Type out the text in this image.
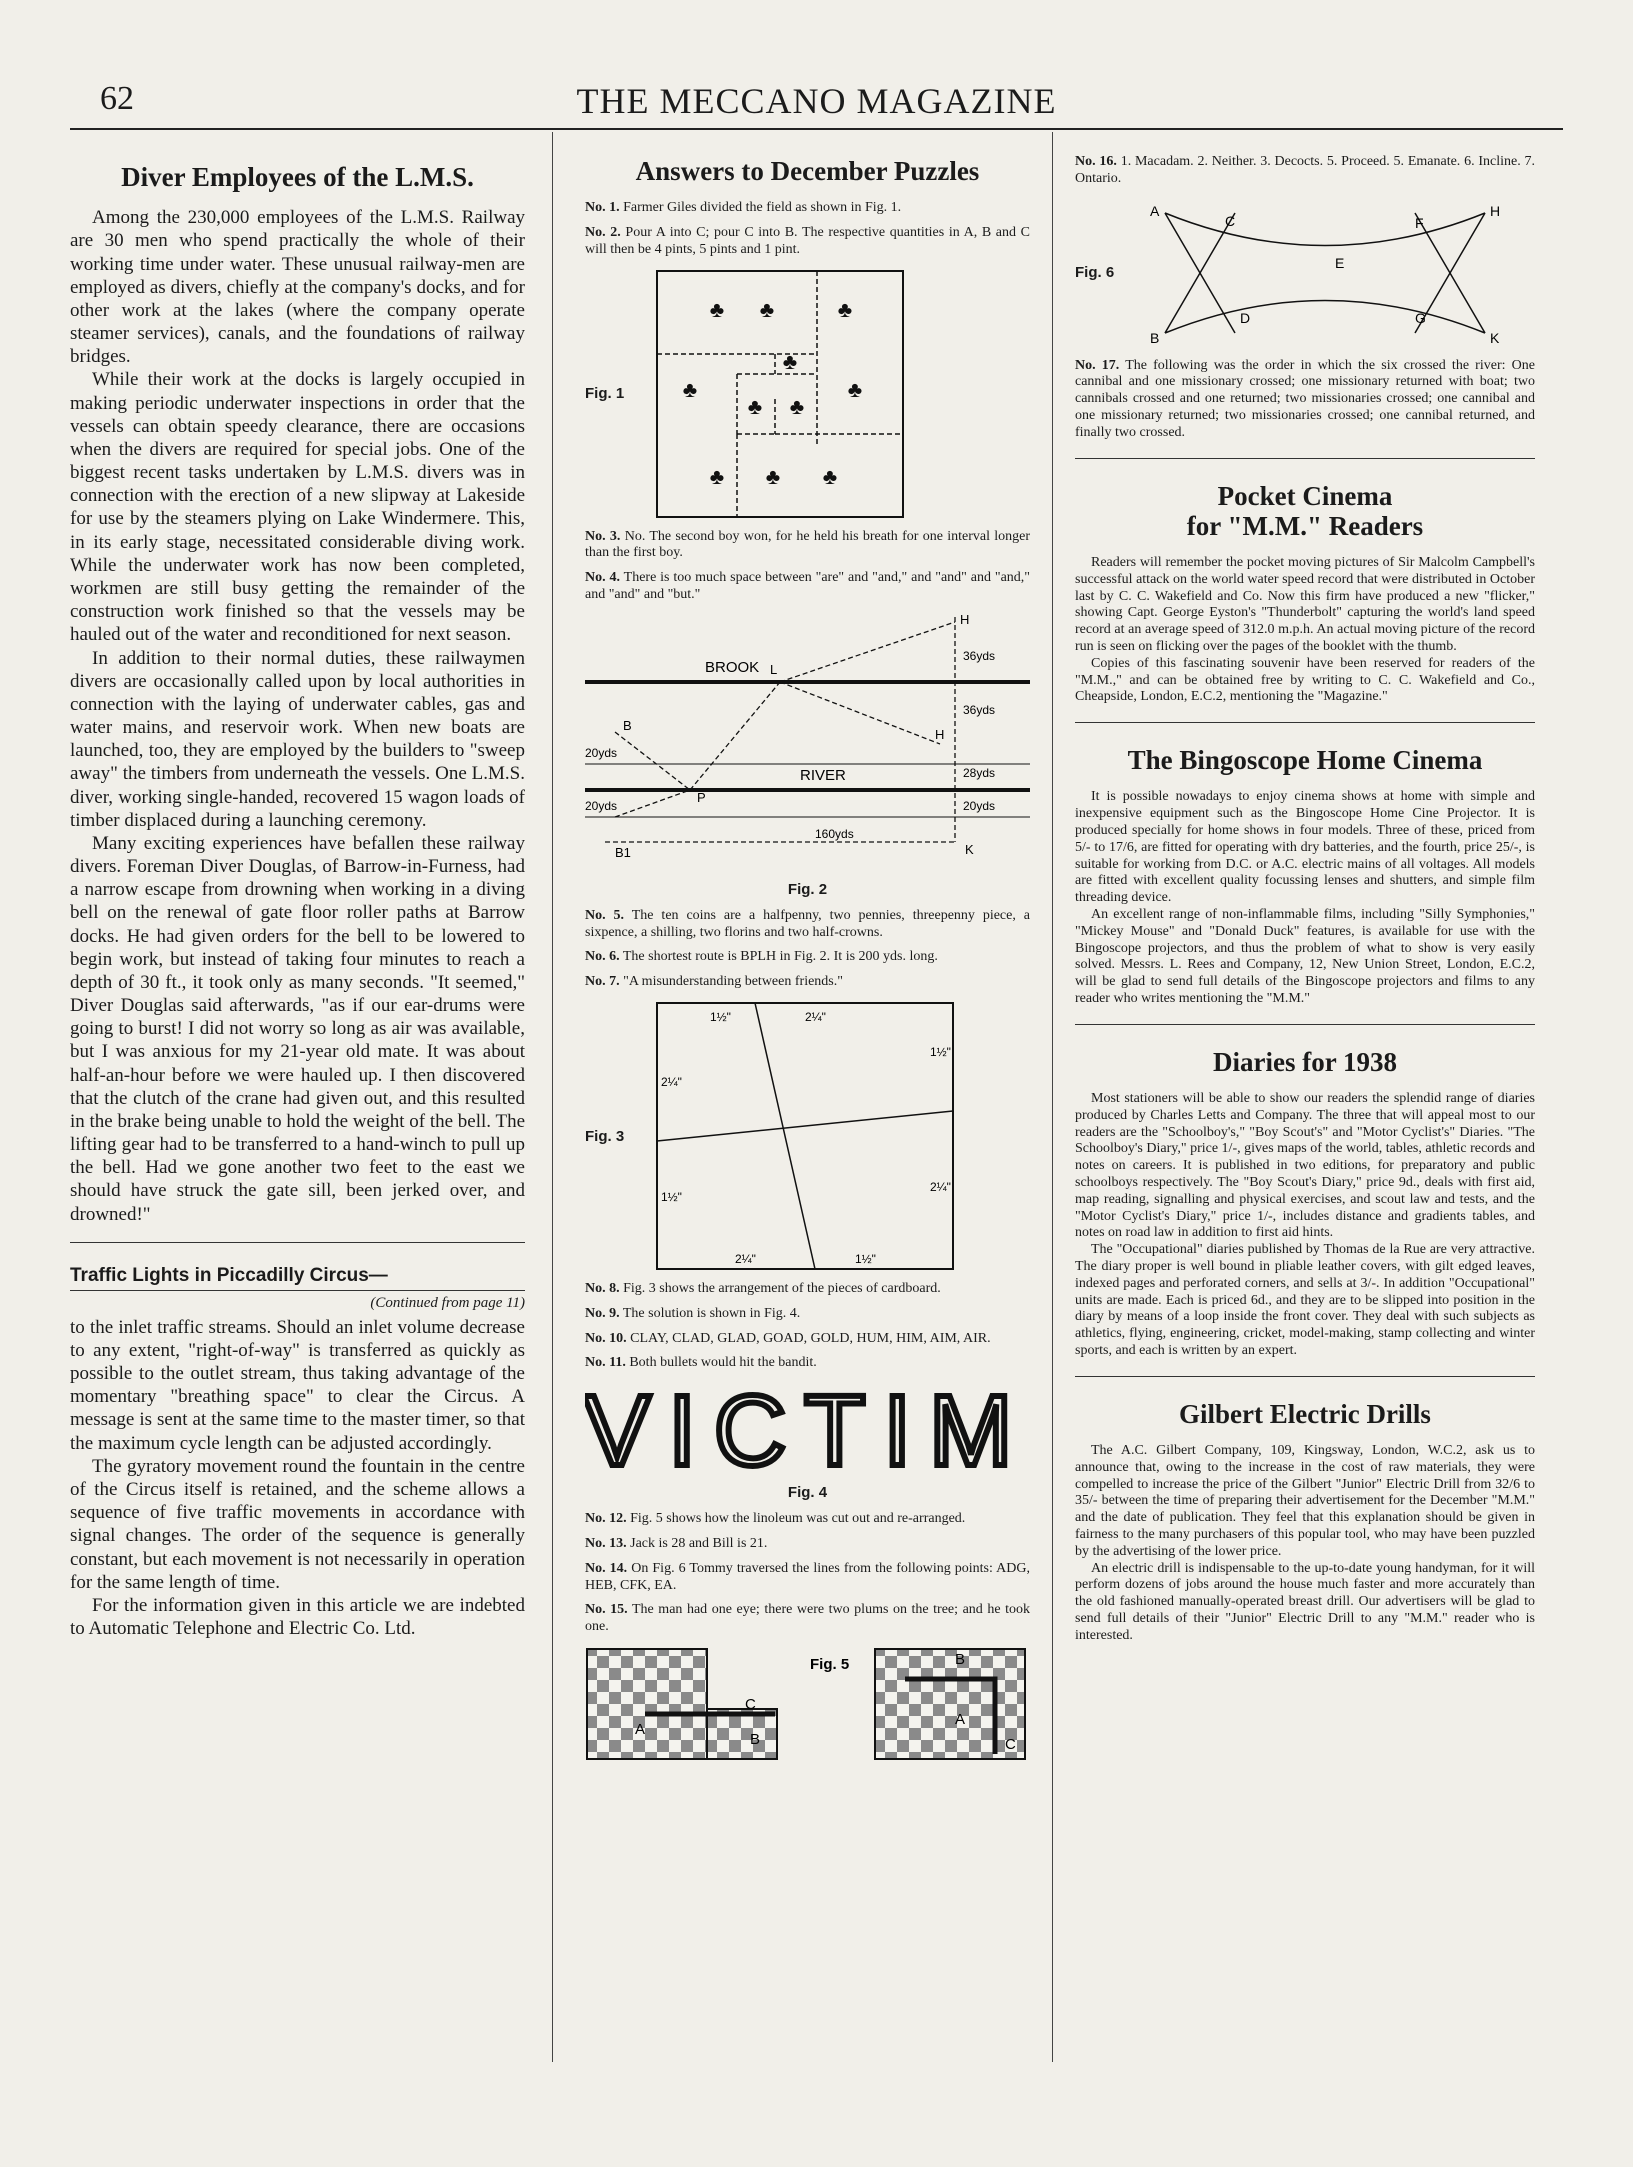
62	THE MECCANO MAGAZINE
Diver Employees of the L.M.S.

Among the 230,000 employees of the L.M.S. Railway are 30 men who spend practically the whole of their working time under water. These unusual railway-men are employed as divers, chiefly at the company's docks, and for other work at the lakes (where the company operate steamer services), canals, and the foundations of railway bridges.

While their work at the docks is largely occupied in making periodic underwater inspections in order that the vessels can obtain speedy clearance, there are occasions when the divers are required for special jobs. One of the biggest recent tasks undertaken by L.M.S. divers was in connection with the erection of a new slipway at Lakeside for use by the steamers plying on Lake Windermere. This, in its early stage, necessitated considerable diving work. While the underwater work has now been completed, workmen are still busy getting the remainder of the construction work finished so that the vessels may be hauled out of the water and reconditioned for next season.

In addition to their normal duties, these railwaymen divers are occasionally called upon by local authorities in connection with the laying of underwater cables, gas and water mains, and reservoir work. When new boats are launched, too, they are employed by the builders to "sweep away" the timbers from underneath the vessels. One L.M.S. diver, working single-handed, recovered 15 wagon loads of timber displaced during a launching ceremony.

Many exciting experiences have befallen these railway divers. Foreman Diver Douglas, of Barrow-in-Furness, had a narrow escape from drowning when working in a diving bell on the renewal of gate floor roller paths at Barrow docks. He had given orders for the bell to be lowered to begin work, but instead of taking four minutes to reach a depth of 30 ft., it took only as many seconds. "It seemed," Diver Douglas said afterwards, "as if our ear-drums were going to burst! I did not worry so long as air was available, but I was anxious for my 21-year old mate. It was about half-an-hour before we were hauled up. I then discovered that the clutch of the crane had given out, and this resulted in the brake being unable to hold the weight of the bell. The lifting gear had to be transferred to a hand-winch to pull up the bell. Had we gone another two feet to the east we should have struck the gate sill, been jerked over, and drowned!"

Traffic Lights in Piccadilly Circus—
(Continued from page 11)

to the inlet traffic streams. Should an inlet volume decrease to any extent, "right-of-way" is transferred as quickly as possible to the outlet stream, thus taking advantage of the momentary "breathing space" to clear the Circus. A message is sent at the same time to the master timer, so that the maximum cycle length can be adjusted accordingly.

The gyratory movement round the fountain in the centre of the Circus itself is retained, and the scheme allows a sequence of five traffic movements in accordance with signal changes. The order of the sequence is generally constant, but each movement is not necessarily in operation for the same length of time.

For the information given in this article we are indebted to Automatic Telephone and Electric Co. Ltd.

Answers to December Puzzles

No. 1. Farmer Giles divided the field as shown in Fig. 1.

No. 2. Pour A into C; pour C into B. The respective quantities in A, B and C will then be 4 pints, 5 pints and 1 pint.

Fig. 1
♣ ♣	♣
♣
♣
♣ ♣
♣
♣ ♣ ♣

No. 3. No. The second boy won, for he held his breath for one interval longer than the first boy.

No. 4. There is too much space between "are" and "and," and "and" and "and," and "and" and "but."

BROOK
RIVER
H
L
H
B
P
B1	K
36yds
36yds
28yds
20yds
20yds	20yds
160yds
Fig. 2

No. 5. The ten coins are a halfpenny, two pennies, threepenny piece, a sixpence, a shilling, two florins and two half-crowns.

No. 6. The shortest route is BPLH in Fig. 2. It is 200 yds. long.

No. 7. "A misunderstanding between friends."

Fig. 3
1½"	2¼"
1½"
2¼"
2¼"
1½"
2¼"	1½"

No. 8. Fig. 3 shows the arrangement of the pieces of cardboard.

No. 9. The solution is shown in Fig. 4.

No. 10. CLAY, CLAD, GLAD, GOAD, GOLD, HUM, HIM, AIM, AIR.

No. 11. Both bullets would hit the bandit.

VICTIM
Fig. 4

No. 12. Fig. 5 shows how the linoleum was cut out and re-arranged.

No. 13. Jack is 28 and Bill is 21.

No. 14. On Fig. 6 Tommy traversed the lines from the following points: ADG, HEB, CFK, EA.

No. 15. The man had one eye; there were two plums on the tree; and he took one.

A
C
B
B
A
C
Fig. 5

No. 16. 1. Macadam. 2. Neither. 3. Decocts. 5. Proceed. 5. Emanate. 6. Incline. 7. Ontario.

Fig. 6
A
C	F
H
E
B
D	G
K

No. 17. The following was the order in which the six crossed the river: One cannibal and one missionary crossed; one missionary returned with boat; two cannibals crossed and one returned; two missionaries crossed; one cannibal and one missionary returned; two missionaries crossed; one cannibal returned, and finally two crossed.

Pocket Cinema
for "M.M." Readers

Readers will remember the pocket moving pictures of Sir Malcolm Campbell's successful attack on the world water speed record that were distributed in October last by C. C. Wakefield and Co. Now this firm have produced a new "flicker," showing Capt. George Eyston's "Thunderbolt" capturing the world's land speed record at an average speed of 312.0 m.p.h. An actual moving picture of the record run is seen on flicking over the pages of the booklet with the thumb.

Copies of this fascinating souvenir have been reserved for readers of the "M.M.," and can be obtained free by writing to C. C. Wakefield and Co., Cheapside, London, E.C.2, mentioning the "Magazine."

The Bingoscope Home Cinema

It is possible nowadays to enjoy cinema shows at home with simple and inexpensive equipment such as the Bingoscope Home Cine Projector. It is produced specially for home shows in four models. Three of these, priced from 5/- to 17/6, are fitted for operating with dry batteries, and the fourth, price 25/-, is suitable for working from D.C. or A.C. electric mains of all voltages. All models are fitted with excellent quality focussing lenses and shutters, and simple film threading device.

An excellent range of non-inflammable films, including "Silly Symphonies," "Mickey Mouse" and "Donald Duck" features, is available for use with the Bingoscope projectors, and thus the problem of what to show is very easily solved. Messrs. L. Rees and Company, 12, New Union Street, London, E.C.2, will be glad to send full details of the Bingoscope projectors and films to any reader who writes mentioning the "M.M."

Diaries for 1938

Most stationers will be able to show our readers the splendid range of diaries produced by Charles Letts and Company. The three that will appeal most to our readers are the "Schoolboy's," "Boy Scout's" and "Motor Cyclist's" Diaries. "The Schoolboy's Diary," price 1/-, gives maps of the world, tables, athletic records and notes on careers. It is published in two editions, for preparatory and public schoolboys respectively. The "Boy Scout's Diary," price 9d., deals with first aid, map reading, signalling and physical exercises, and scout law and tests, and the "Motor Cyclist's Diary," price 1/-, includes distance and gradients tables, and notes on road law in addition to first aid hints.

The "Occupational" diaries published by Thomas de la Rue are very attractive. The diary proper is well bound in pliable leather covers, with gilt edged leaves, indexed pages and perforated corners, and sells at 3/-. In addition "Occupational" units are made. Each is priced 6d., and they are to be slipped into position in the diary by means of a loop inside the front cover. They deal with such subjects as athletics, flying, engineering, cricket, model-making, stamp collecting and winter sports, and each is written by an expert.

Gilbert Electric Drills

The A.C. Gilbert Company, 109, Kingsway, London, W.C.2, ask us to announce that, owing to the increase in the cost of raw materials, they were compelled to increase the price of the Gilbert "Junior" Electric Drill from 32/6 to 35/- between the time of preparing their advertisement for the December "M.M." and the date of publication. They feel that this explanation should be given in fairness to the many purchasers of this popular tool, who may have been puzzled by the advertising of the lower price.

An electric drill is indispensable to the up-to-date young handyman, for it will perform dozens of jobs around the house much faster and more accurately than the old fashioned manually-operated breast drill. Our advertisers will be glad to send full details of their "Junior" Electric Drill to any "M.M." reader who is interested.
